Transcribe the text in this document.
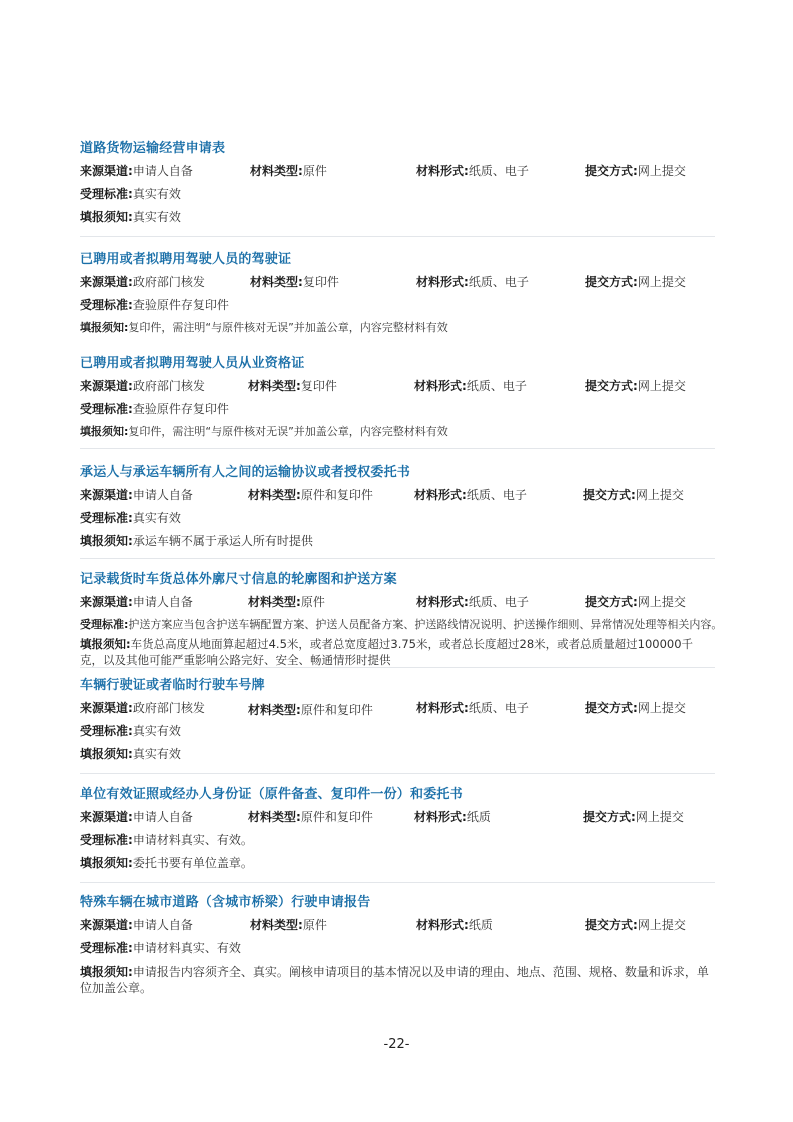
道路货物运输经营申请表
来源渠道:申请人自备	材料类型:原件	材料形式:纸质、电子	提交方式:网上提交
受理标准:真实有效
填报须知:真实有效
已聘用或者拟聘用驾驶人员的驾驶证
来源渠道:政府部门核发	材料类型:复印件	材料形式:纸质、电子	提交方式:网上提交
受理标准:查验原件存复印件
填报须知:复印件，需注明“与原件核对无误”并加盖公章，内容完整材料有效
已聘用或者拟聘用驾驶人员从业资格证
来源渠道:政府部门核发	材料类型:复印件	材料形式:纸质、电子	提交方式:网上提交
受理标准:查验原件存复印件
填报须知:复印件，需注明“与原件核对无误”并加盖公章，内容完整材料有效
承运人与承运车辆所有人之间的运输协议或者授权委托书
来源渠道:申请人自备	材料类型:原件和复印件	材料形式:纸质、电子	提交方式:网上提交
受理标准:真实有效
填报须知:承运车辆不属于承运人所有时提供
记录载货时车货总体外廓尺寸信息的轮廓图和护送方案
来源渠道:申请人自备	材料类型:原件	材料形式:纸质、电子	提交方式:网上提交
受理标准:护送方案应当包含护送车辆配置方案、护送人员配备方案、护送路线情况说明、护送操作细则、异常情况处理等相关内容。
填报须知:车货总高度从地面算起超过4.5米，或者总宽度超过3.75米，或者总长度超过28米，或者总质量超过100000千克，以及其他可能严重影响公路完好、安全、畅通情形时提供
车辆行驶证或者临时行驶车号牌
来源渠道:政府部门核发	材料类型:原件和复印件	材料形式:纸质、电子	提交方式:网上提交
受理标准:真实有效
填报须知:真实有效
单位有效证照或经办人身份证（原件备查、复印件一份）和委托书
来源渠道:申请人自备	材料类型:原件和复印件	材料形式:纸质	提交方式:网上提交
受理标准:申请材料真实、有效。
填报须知:委托书要有单位盖章。
特殊车辆在城市道路（含城市桥梁）行驶申请报告
来源渠道:申请人自备	材料类型:原件	材料形式:纸质	提交方式:网上提交
受理标准:申请材料真实、有效
填报须知:申请报告内容须齐全、真实。阐核申请项目的基本情况以及申请的理由、地点、范围、规格、数量和诉求，单位加盖公章。
-22-
